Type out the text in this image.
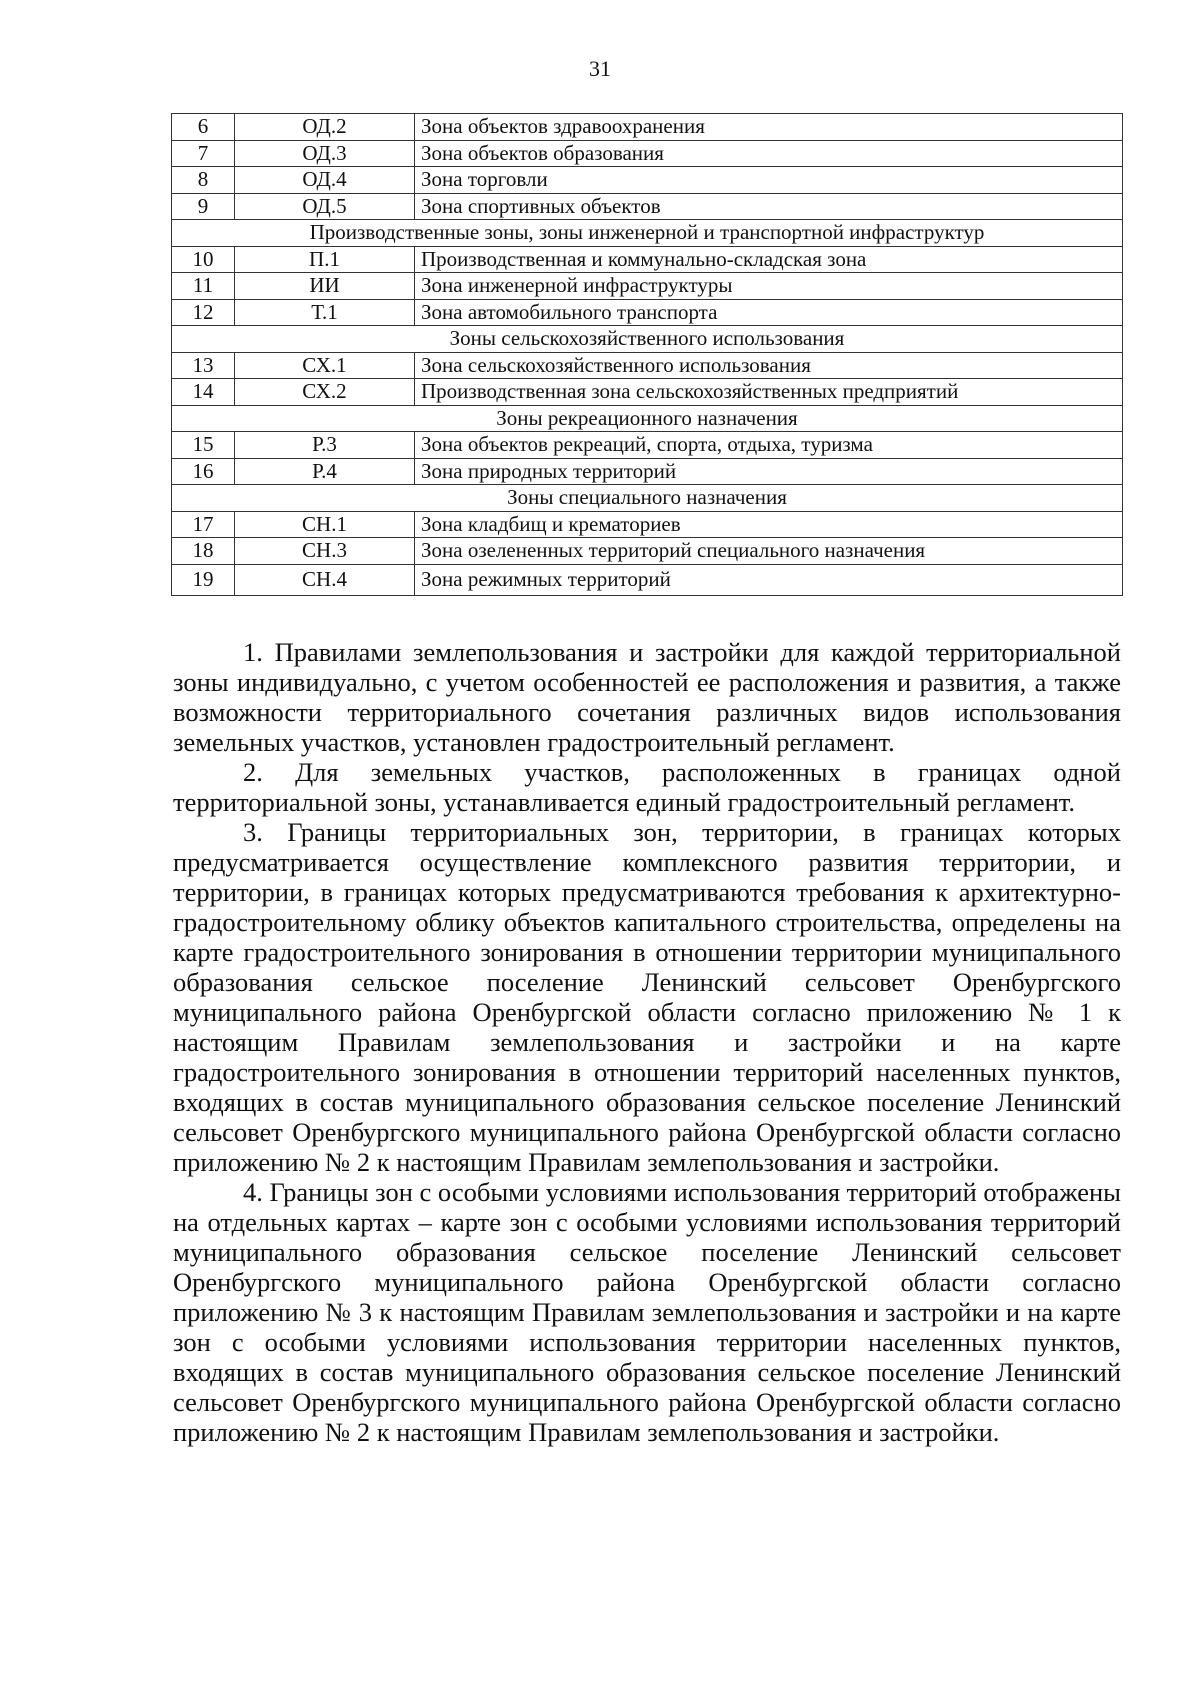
31
6	ОД.2	Зона объектов здравоохранения
7	ОД.3	Зона объектов образования
8	ОД.4	Зона торговли
9	ОД.5	Зона спортивных объектов
Производственные зоны, зоны инженерной и транспортной инфраструктур		
10	П.1	Производственная и коммунально-складская зона
11	ИИ	Зона инженерной инфраструктуры
12	Т.1	Зона автомобильного транспорта
Зоны сельскохозяйственного использования		
13	СХ.1	Зона сельскохозяйственного использования
14	СХ.2	Производственная зона сельскохозяйственных предприятий
Зоны рекреационного назначения		
15	Р.3	Зона объектов рекреаций, спорта, отдыха, туризма
16	Р.4	Зона природных территорий
Зоны специального назначения		
17	СН.1	Зона кладбищ и крематориев
18	СН.3	Зона озелененных территорий специального назначения
19	СН.4	Зона режимных территорий

1. Правилами землепользования и застройки для каждой территориальной зоны индивидуально, с учетом особенностей ее расположения и развития, а также возможности территориального сочетания различных видов использования земельных участков, установлен градостроительный регламент.

2. Для земельных участков, расположенных в границах одной территориальной зоны, устанавливается единый градостроительный регламент.

3. Границы территориальных зон, территории, в границах которых предусматривается осуществление комплексного развития территории, и территории, в границах которых предусматриваются требования к архитектурно-градостроительному облику объектов капитального строительства, определены на карте градостроительного зонирования в отношении территории муниципального образования сельское поселение Ленинский сельсовет Оренбургского муниципального района Оренбургской области согласно приложению № 1 к настоящим Правилам землепользования и застройки и на карте градостроительного зонирования в отношении территорий населенных пунктов, входящих в состав муниципального образования сельское поселение Ленинский сельсовет Оренбургского муниципального района Оренбургской области согласно приложению № 2 к настоящим Правилам землепользования и застройки.

4. Границы зон с особыми условиями использования территорий отображены на отдельных картах – карте зон с особыми условиями использования территорий муниципального образования сельское поселение Ленинский сельсовет Оренбургского муниципального района Оренбургской области согласно приложению № 3 к настоящим Правилам землепользования и застройки и на карте зон с особыми условиями использования территории населенных пунктов, входящих в состав муниципального образования сельское поселение Ленинский сельсовет Оренбургского муниципального района Оренбургской области согласно приложению № 2 к настоящим Правилам землепользования и застройки.
